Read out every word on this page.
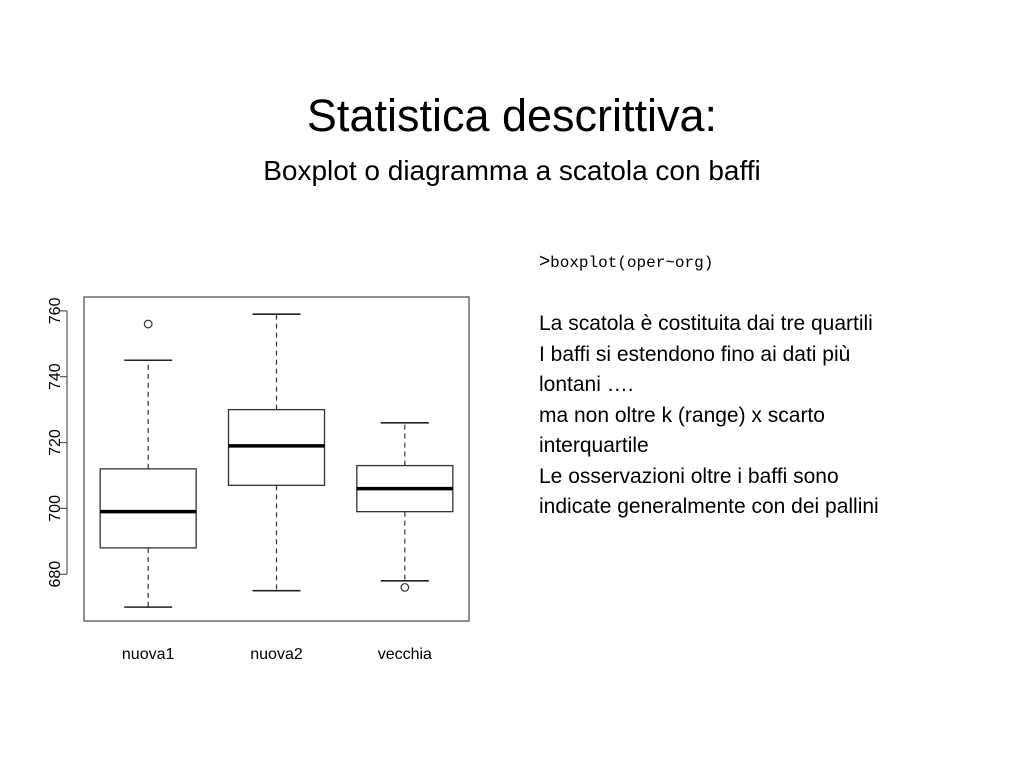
Statistica descrittiva:
Boxplot o diagramma a scatola con baffi
>boxplot(oper~org)
La scatola è costituita dai tre quartili
I baffi si estendono fino ai dati più
lontani ….
ma non oltre k (range) x scarto
interquartile
Le osservazioni oltre i baffi sono
indicate generalmente con dei pallini
680
700
720
740
760
nuova1	nuova2	vecchia
